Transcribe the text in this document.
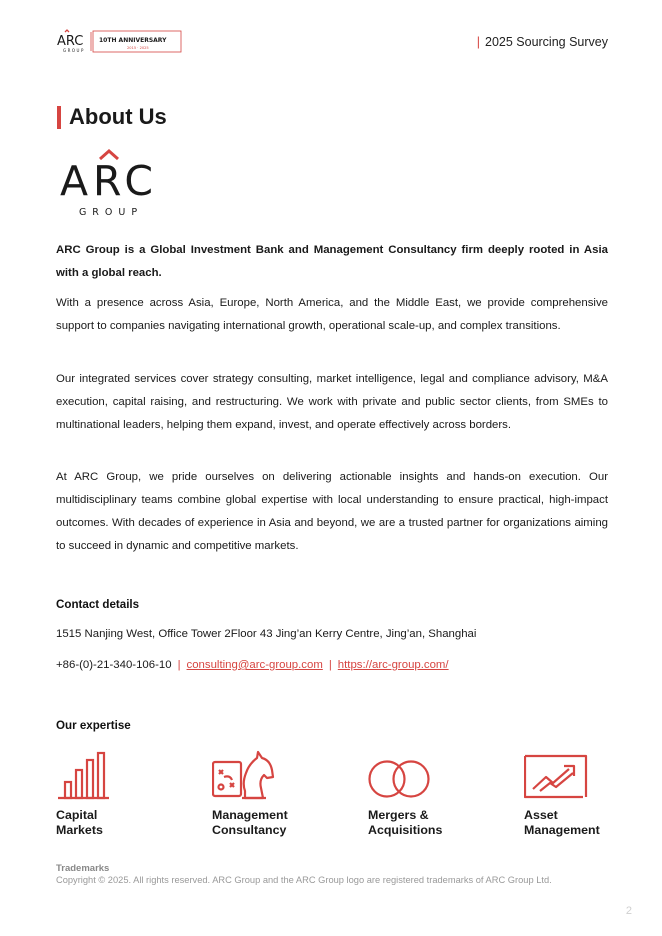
ARC
GROUP
10TH ANNIVERSARY
2015 · 2025	| 2025 Sourcing Survey
About Us
ARC
GROUP
ARC Group is a Global Investment Bank and Management Consultancy firm deeply rooted in Asia with a global reach.
With a presence across Asia, Europe, North America, and the Middle East, we provide comprehensive support to companies navigating international growth, operational scale-up, and complex transitions.
Our integrated services cover strategy consulting, market intelligence, legal and compliance advisory, M&A execution, capital raising, and restructuring. We work with private and public sector clients, from SMEs to multinational leaders, helping them expand, invest, and operate effectively across borders.
At ARC Group, we pride ourselves on delivering actionable insights and hands-on execution. Our multidisciplinary teams combine global expertise with local understanding to ensure practical, high-impact outcomes. With decades of experience in Asia and beyond, we are a trusted partner for organizations aiming to succeed in dynamic and competitive markets.
Contact details
1515 Nanjing West, Office Tower 2Floor 43 Jing’an Kerry Centre, Jing’an, Shanghai
+86-(0)-21-340-106-10 | consulting@arc-group.com | https://arc-group.com/
Our expertise
Capital
Markets
Management
Consultancy
Mergers &
Acquisitions
Asset
Management
Trademarks
Copyright © 2025. All rights reserved. ARC Group and the ARC Group logo are registered trademarks of ARC Group Ltd.
2
